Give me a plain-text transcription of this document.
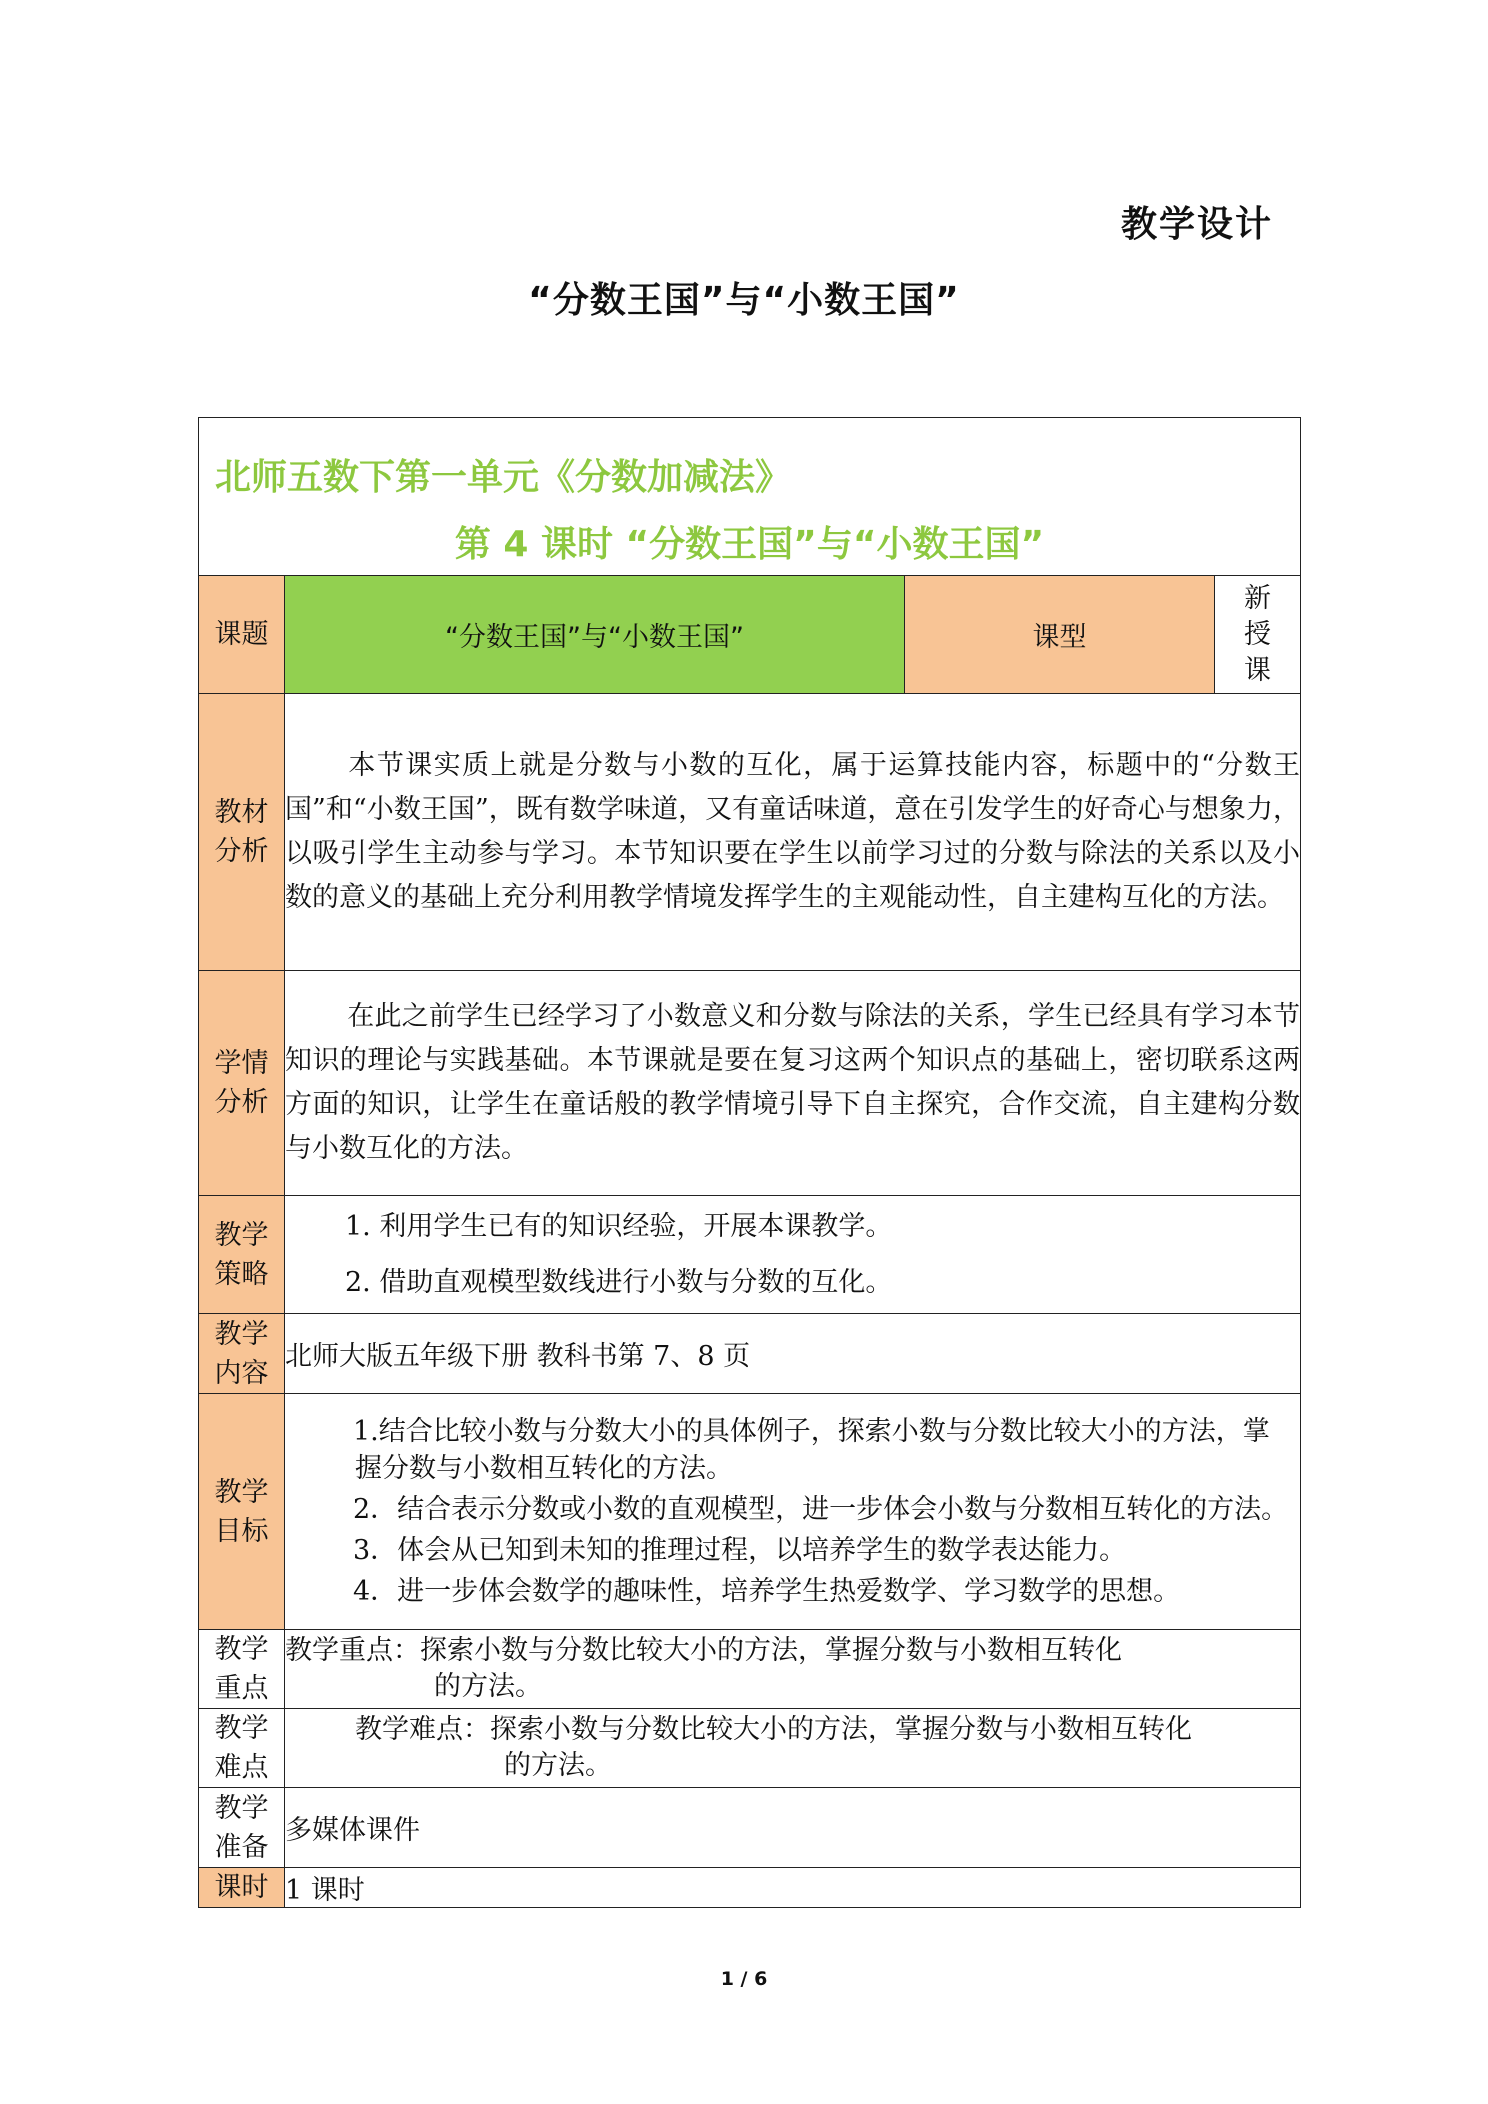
教学设计
“分数王国”与“小数王国”
北师五数下第一单元《分数加减法》
第 4 课时 “分数王国”与“小数王国”			

课题	“分数王国”与“小数王国”	课型	新授课

教材分析	本节课实质上就是分数与小数的互化，属于运算技能内容，标题中的“分数王国”和“小数王国”，既有数学味道，又有童话味道，意在引发学生的好奇心与想象力，以吸引学生主动参与学习。本节知识要在学生以前学习过的分数与除法的关系以及小数的意义的基础上充分利用教学情境发挥学生的主观能动性，自主建构互化的方法。		

学情分析	在此之前学生已经学习了小数意义和分数与除法的关系，学生已经具有学习本节知识的理论与实践基础。本节课就是要在复习这两个知识点的基础上，密切联系这两方面的知识，让学生在童话般的教学情境引导下自主探究，合作交流，自主建构分数与小数互化的方法。		

教学策略	1. 利用学生已有的知识经验，开展本课教学。
2. 借助直观模型数线进行小数与分数的互化。		

教学内容	北师大版五年级下册 教科书第 7、8 页		

教学目标	1.结合比较小数与分数大小的具体例子，探索小数与分数比较大小的方法，掌握分数与小数相互转化的方法。
2．结合表示分数或小数的直观模型，进一步体会小数与分数相互转化的方法。
3．体会从已知到未知的推理过程，以培养学生的数学表达能力。
4．进一步体会数学的趣味性，培养学生热爱数学、学习数学的思想。		

教学重点	教学重点：探索小数与分数比较大小的方法，掌握分数与小数相互转化
的方法。		

教学难点	教学难点：探索小数与分数比较大小的方法，掌握分数与小数相互转化
的方法。		

教学准备	多媒体课件		
课时	1 课时		
1 / 6
